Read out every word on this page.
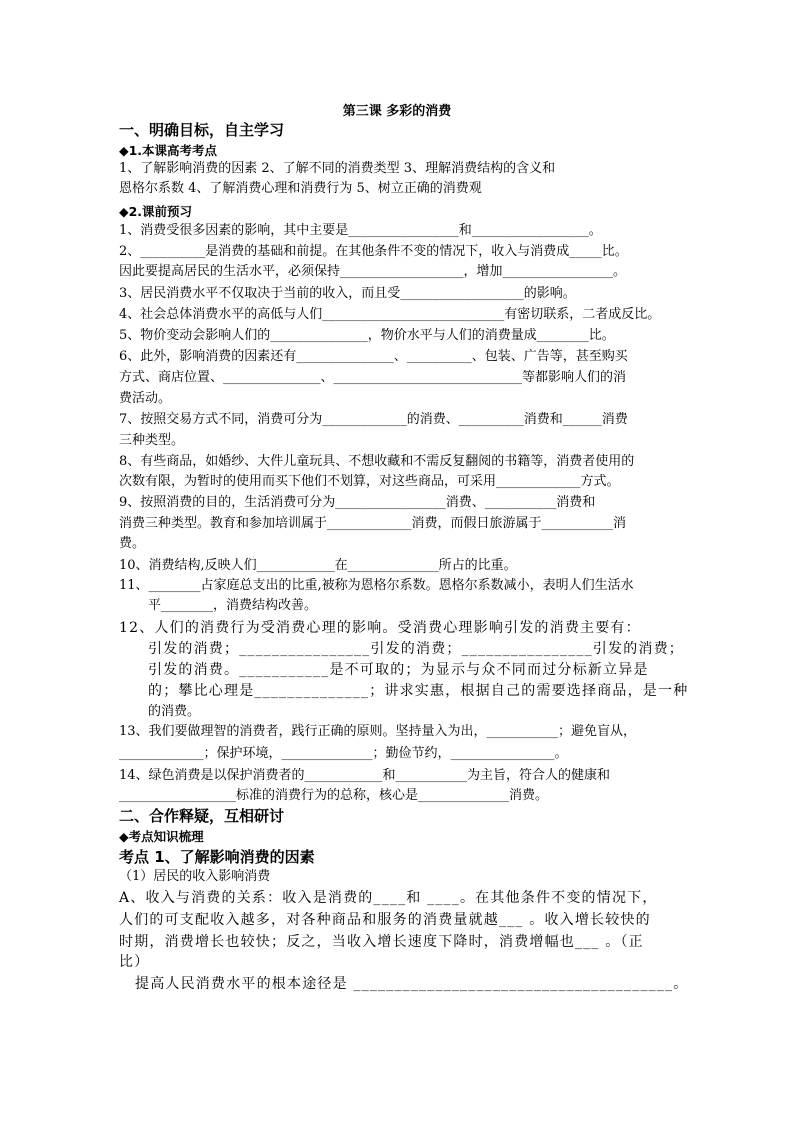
第三课 多彩的消费
一、明确目标，自主学习
◆1.本课高考考点
1、了解影响消费的因素 2、了解不同的消费类型 3、理解消费结构的含义和
恩格尔系数 4、了解消费心理和消费行为 5、树立正确的消费观
◆2.课前预习
1、消费受很多因素的影响，其中主要是_________________和__________________。
2、__________是消费的基础和前提。在其他条件不变的情况下，收入与消费成_____比。
因此要提高居民的生活水平，必须保持___________________，增加_________________。
3、居民消费水平不仅取决于当前的收入，而且受___________________的影响。
4、社会总体消费水平的高低与人们____________________________有密切联系，二者成反比。
5、物价变动会影响人们的_______________，物价水平与人们的消费量成________比。
6、此外，影响消费的因素还有_______________、__________、包装、广告等，甚至购买
方式、商店位置、_______________、_____________________________等都影响人们的消
费活动。
7、按照交易方式不同，消费可分为_____________的消费、__________消费和______消费
三种类型。
8、有些商品，如婚纱、大件儿童玩具、不想收藏和不需反复翻阅的书籍等，消费者使用的
次数有限，为暂时的使用而买下他们不划算，对这些商品，可采用_____________方式。
9、按照消费的目的，生活消费可分为_________________消费、___________消费和
消费三种类型。教育和参加培训属于_____________消费，而假日旅游属于___________消
费。
10、消费结构,反映人们____________在______________所占的比重。
11、________占家庭总支出的比重,被称为恩格尔系数。恩格尔系数减小，表明人们生活水
平________，消费结构改善。
12、人们的消费行为受消费心理的影响。受消费心理影响引发的消费主要有：
引发的消费；________________引发的消费；________________引发的消费；
引发的消费。___________是不可取的；为显示与众不同而过分标新立异是
的；攀比心理是______________；讲求实惠，根据自己的需要选择商品，是一种
的消费。
13、我们要做理智的消费者，践行正确的原则。坚持量入为出，___________；避免盲从，
_____________；保护环境，______________；勤俭节约，________________。
14、绿色消费是以保护消费者的____________和___________为主旨，符合人的健康和
__________________标准的消费行为的总称，核心是______________消费。
二、合作释疑，互相研讨
◆考点知识梳理
考点 1、了解影响消费的因素
（1）居民的收入影响消费
A、收入与消费的关系：收入是消费的____和 ____。在其他条件不变的情况下，
人们的可支配收入越多，对各种商品和服务的消费量就越___ 。收入增长较快的
时期，消费增长也较快；反之，当收入增长速度下降时，消费增幅也___ 。（正
比）
提高人民消费水平的根本途径是 _______________________________________。
